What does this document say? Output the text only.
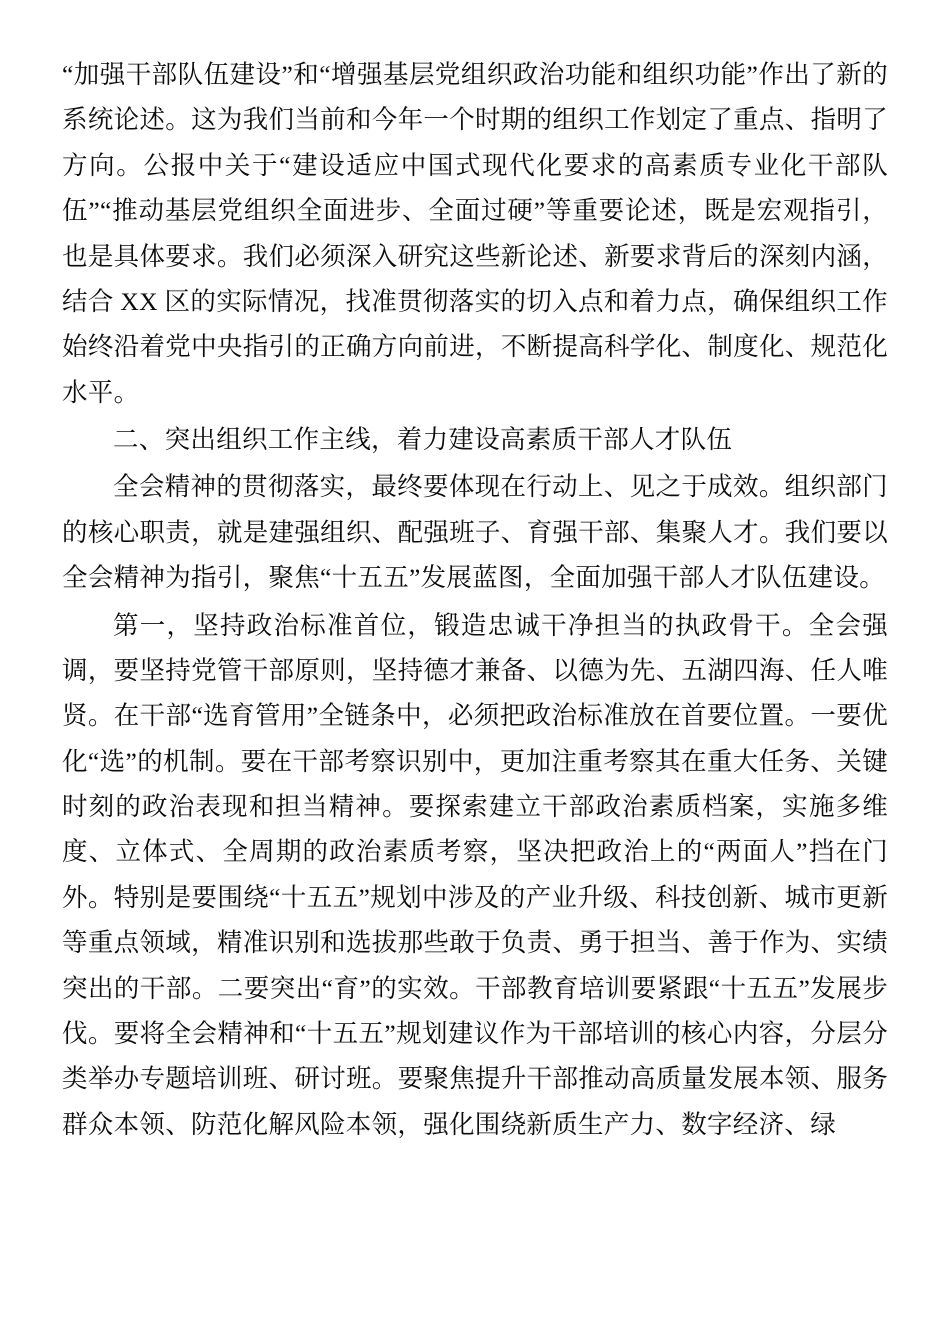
“加强干部队伍建设”和“增强基层党组织政治功能和组织功能”作出了新的系统论述。这为我们当前和今年一个时期的组织工作划定了重点、指明了方向。公报中关于“建设适应中国式现代化要求的高素质专业化干部队伍”“推动基层党组织全面进步、全面过硬”等重要论述，既是宏观指引，也是具体要求。我们必须深入研究这些新论述、新要求背后的深刻内涵，结合 XX 区的实际情况，找准贯彻落实的切入点和着力点，确保组织工作始终沿着党中央指引的正确方向前进，不断提高科学化、制度化、规范化水平。

二、突出组织工作主线，着力建设高素质干部人才队伍

全会精神的贯彻落实，最终要体现在行动上、见之于成效。组织部门的核心职责，就是建强组织、配强班子、育强干部、集聚人才。我们要以全会精神为指引，聚焦“十五五”发展蓝图，全面加强干部人才队伍建设。

第一，坚持政治标准首位，锻造忠诚干净担当的执政骨干。全会强调，要坚持党管干部原则，坚持德才兼备、以德为先、五湖四海、任人唯贤。在干部“选育管用”全链条中，必须把政治标准放在首要位置。一要优化“选”的机制。要在干部考察识别中，更加注重考察其在重大任务、关键时刻的政治表现和担当精神。要探索建立干部政治素质档案，实施多维度、立体式、全周期的政治素质考察，坚决把政治上的“两面人”挡在门外。特别是要围绕“十五五”规划中涉及的产业升级、科技创新、城市更新等重点领域，精准识别和选拔那些敢于负责、勇于担当、善于作为、实绩突出的干部。二要突出“育”的实效。干部教育培训要紧跟“十五五”发展步伐。要将全会精神和“十五五”规划建议作为干部培训的核心内容，分层分类举办专题培训班、研讨班。要聚焦提升干部推动高质量发展本领、服务群众本领、防范化解风险本领，强化围绕新质生产力、数字经济、绿
